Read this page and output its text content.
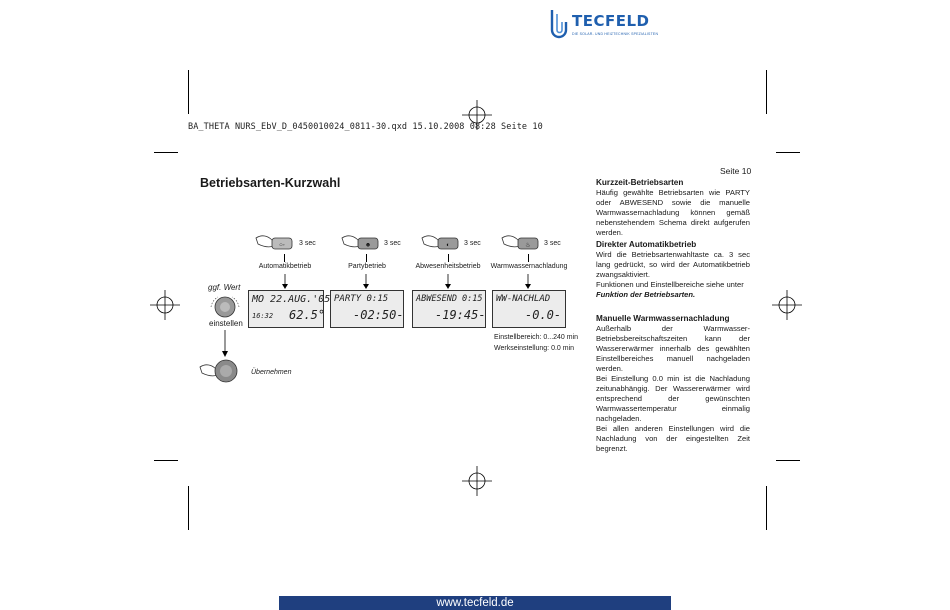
TECFELD
DIE SOLAR- UND HEIZTECHNIK SPEZIALISTEN
BA_THETA NURS_EbV_D_0450010024_0811-30.qxd 15.10.2008 08:28 Seite 10
Seite 10
Betriebsarten-Kurzwahl
○◦ 3 sec	☻ 3 sec	◐ 3 sec	♨ 3 sec
Automatikbetrieb	Partybetrieb	Abwesenheitsbetrieb	Warmwassernachladung
MO 22.AUG.'05
16:32 62.5°
PARTY 0:15
-02:50-
ABWESEND 0:15
-19:45-
WW-NACHLAD
-0.0-
ggf. Wert
einstellen
Übernehmen
Einstellbereich: 0...240 min
Werkseinstellung: 0.0 min

Kurzzeit-Betriebsarten

Häufig gewählte Betriebsarten wie PARTY oder ABWESEND sowie die manuelle Warmwassernachladung können gemäß nebenstehendem Schema direkt aufgerufen werden.

Direkter Automatikbetrieb

Wird die Betriebsartenwahltaste ca. 3 sec lang gedrückt, so wird der Automatikbetrieb zwangsaktiviert.

Funktionen und Einstellbereiche siehe unter

Funktion der Betriebsarten.

Manuelle Warmwassernachladung

Außerhalb der Warmwasser-Betriebsbereitschaftszeiten kann der Wassererwärmer innerhalb des gewählten Einstellbereiches manuell nachgeladen werden.

Bei Einstellung 0.0 min ist die Nachladung zeitunabhängig. Der Wassererwärmer wird entsprechend der gewünschten Warmwassertemperatur einmalig nachgeladen.

Bei allen anderen Einstellungen wird die Nachladung von der eingestellten Zeit begrenzt.

www.tecfeld.de
